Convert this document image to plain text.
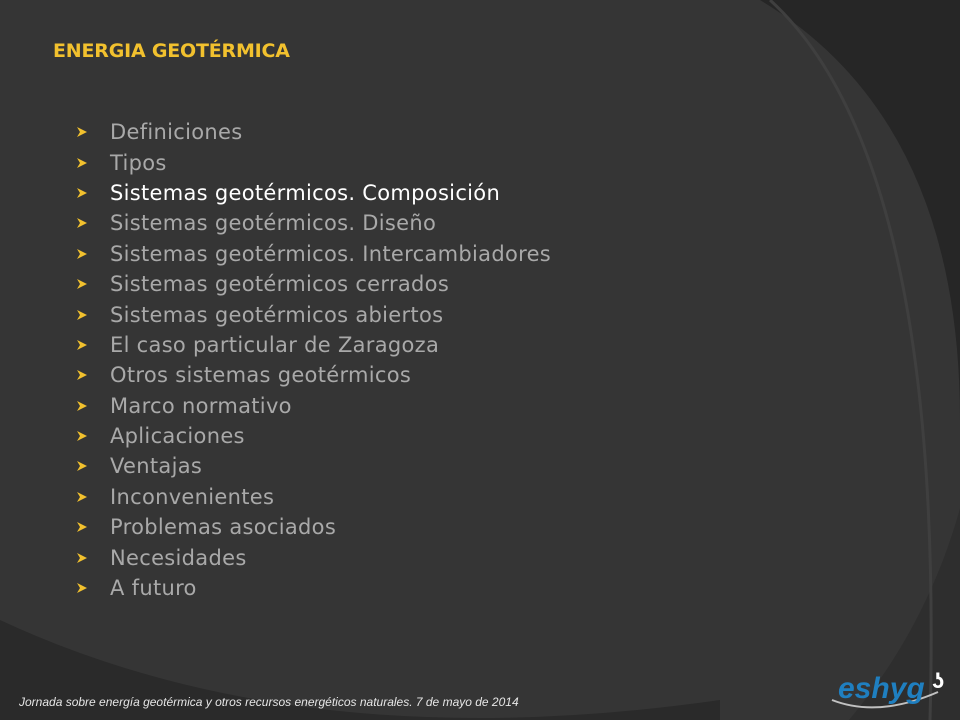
ENERGIA GEOTÉRMICA
Definiciones
Tipos
Sistemas geotérmicos. Composición
Sistemas geotérmicos. Diseño
Sistemas geotérmicos. Intercambiadores
Sistemas geotérmicos cerrados
Sistemas geotérmicos abiertos
El caso particular de Zaragoza
Otros sistemas geotérmicos
Marco normativo
Aplicaciones
Ventajas
Inconvenientes
Problemas asociados
Necesidades
A futuro
Jornada sobre energía geotérmica y otros recursos energéticos naturales. 7 de mayo de 2014	eshyg ʖ
